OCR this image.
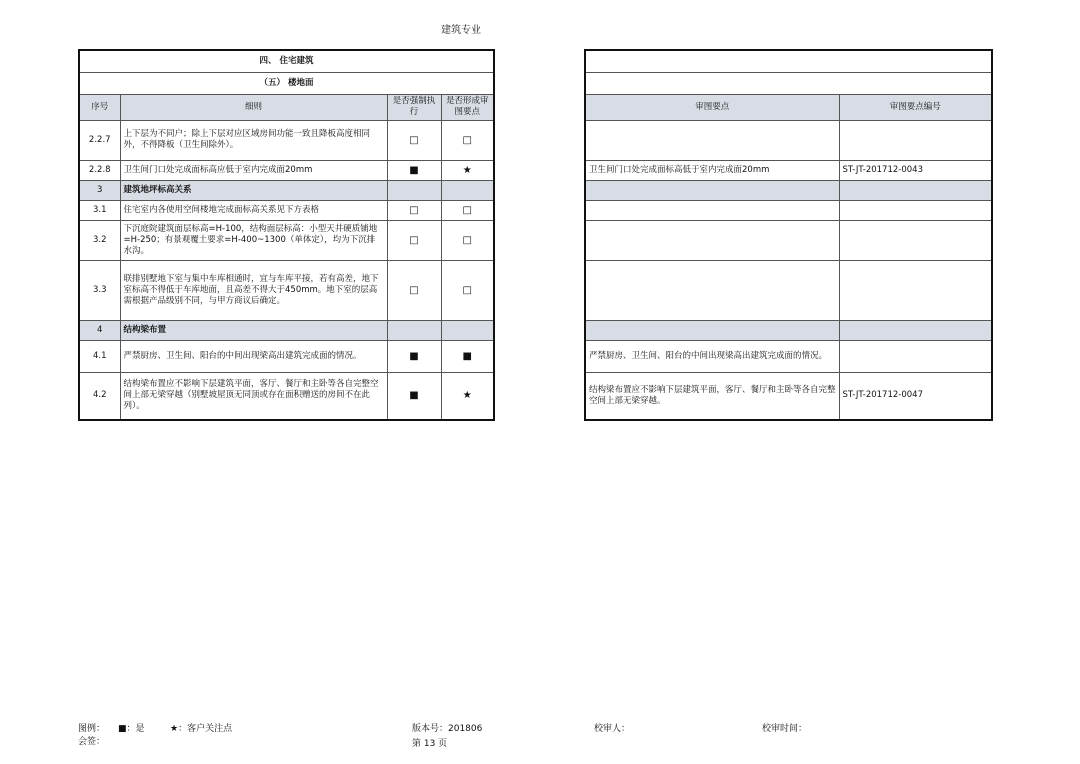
建筑专业
四、 住宅建筑			
（五） 楼地面			
序号	细则	是否强制执行	是否形成审图要点
2.2.7	上下层为不同户；除上下层对应区域房间功能一致且降板高度相同外，不得降板（卫生间除外）。	□	□
2.2.8	卫生间门口处完成面标高应低于室内完成面20mm	■	★
3	建筑地坪标高关系		
3.1	住宅室内各使用空间楼地完成面标高关系见下方表格	□	□
3.2	下沉庭院建筑面层标高=H-100，结构面层标高：小型天井硬质铺地=H-250；有景观覆土要求=H-400~1300（单体定），均为下沉排水沟。	□	□
3.3	联排别墅地下室与集中车库相通时，宜与车库平接，若有高差，地下室标高不得低于车库地面，且高差不得大于450mm。地下室的层高需根据产品级别不同，与甲方商议后确定。	□	□
4	结构梁布置		
4.1	严禁厨房、卫生间、阳台的中间出现梁高出建筑完成面的情况。	■	■
4.2	结构梁布置应不影响下层建筑平面，客厅、餐厅和主卧等各自完整空间上部无梁穿越（别墅坡屋顶无同顶或存在面积赠送的房间不在此列）。	■	★

审图要点	审图要点编号

卫生间门口处完成面标高低于室内完成面20mm	ST-JT-201712-0043

严禁厨房、卫生间、阳台的中间出现梁高出建筑完成面的情况。	
结构梁布置应不影响下层建筑平面，客厅、餐厅和主卧等各自完整空间上部无梁穿越。	ST-JT-201712-0047
图例： ■：是	★：客户关注点
会签：
版本号：201806	校审人：	校审时间：
第 13 页
